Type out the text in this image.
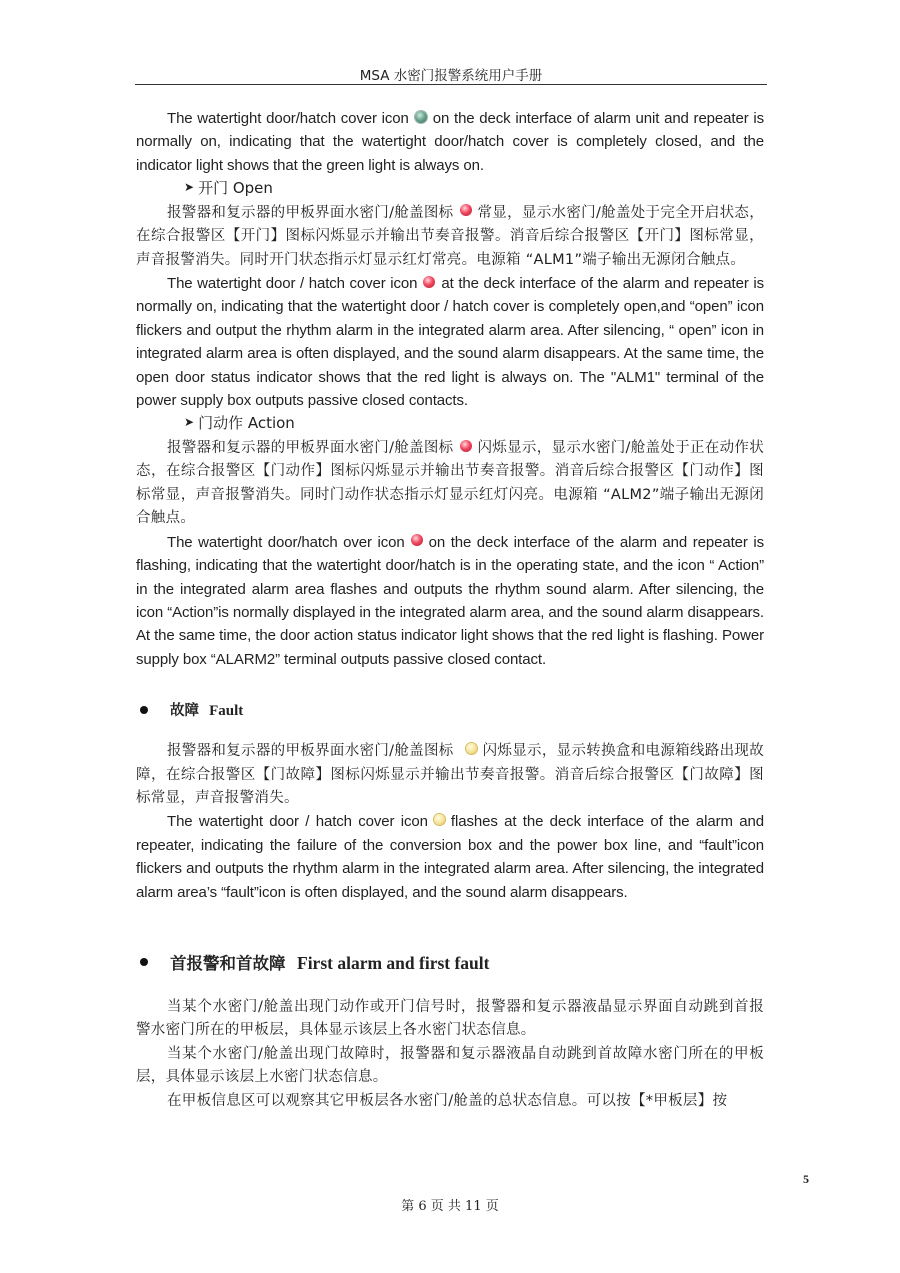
MSA 水密门报警系统用户手册

The watertight door/hatch cover icon on the deck interface of alarm unit and repeater is normally on, indicating that the watertight door/hatch cover is completely closed, and the indicator light shows that the green light is always on.

➤ 开门 Open

报警器和复示器的甲板界面水密门/舱盖图标 常显，显示水密门/舱盖处于完全开启状态，在综合报警区【开门】图标闪烁显示并输出节奏音报警。消音后综合报警区【开门】图标常显，声音报警消失。同时开门状态指示灯显示红灯常亮。电源箱 “ALM1”端子输出无源闭合触点。

The watertight door / hatch cover icon at the deck interface of the alarm and repeater is normally on, indicating that the watertight door / hatch cover is completely open,and “open” icon flickers and output the rhythm alarm in the integrated alarm area. After silencing, “ open” icon in integrated alarm area is often displayed, and the sound alarm disappears. At the same time, the open door status indicator shows that the red light is always on. The "ALM1" terminal of the power supply box outputs passive closed contacts.

➤ 门动作 Action

报警器和复示器的甲板界面水密门/舱盖图标 闪烁显示，显示水密门/舱盖处于正在动作状态，在综合报警区【门动作】图标闪烁显示并输出节奏音报警。消音后综合报警区【门动作】图标常显，声音报警消失。同时门动作状态指示灯显示红灯闪亮。电源箱 “ALM2”端子输出无源闭合触点。

The watertight door/hatch over icon on the deck interface of the alarm and repeater is flashing, indicating that the watertight door/hatch is in the operating state, and the icon “ Action” in the integrated alarm area flashes and outputs the rhythm sound alarm. After silencing, the icon “Action”is normally displayed in the integrated alarm area, and the sound alarm disappears. At the same time, the door action status indicator light shows that the red light is flashing. Power supply box “ALARM2” terminal outputs passive closed contact.

故障 Fault

报警器和复示器的甲板界面水密门/舱盖图标 闪烁显示，显示转换盒和电源箱线路出现故障，在综合报警区【门故障】图标闪烁显示并输出节奏音报警。消音后综合报警区【门故障】图标常显，声音报警消失。

The watertight door / hatch cover icon flashes at the deck interface of the alarm and repeater, indicating the failure of the conversion box and the power box line, and “fault”icon flickers and outputs the rhythm alarm in the integrated alarm area. After silencing, the integrated alarm area’s “fault”icon is often displayed, and the sound alarm disappears.

首报警和首故障 First alarm and first fault

当某个水密门/舱盖出现门动作或开门信号时，报警器和复示器液晶显示界面自动跳到首报警水密门所在的甲板层，具体显示该层上各水密门状态信息。

当某个水密门/舱盖出现门故障时，报警器和复示器液晶自动跳到首故障水密门所在的甲板层，具体显示该层上水密门状态信息。

在甲板信息区可以观察其它甲板层各水密门/舱盖的总状态信息。可以按【*甲板层】按

5
第 6 页 共 11 页
